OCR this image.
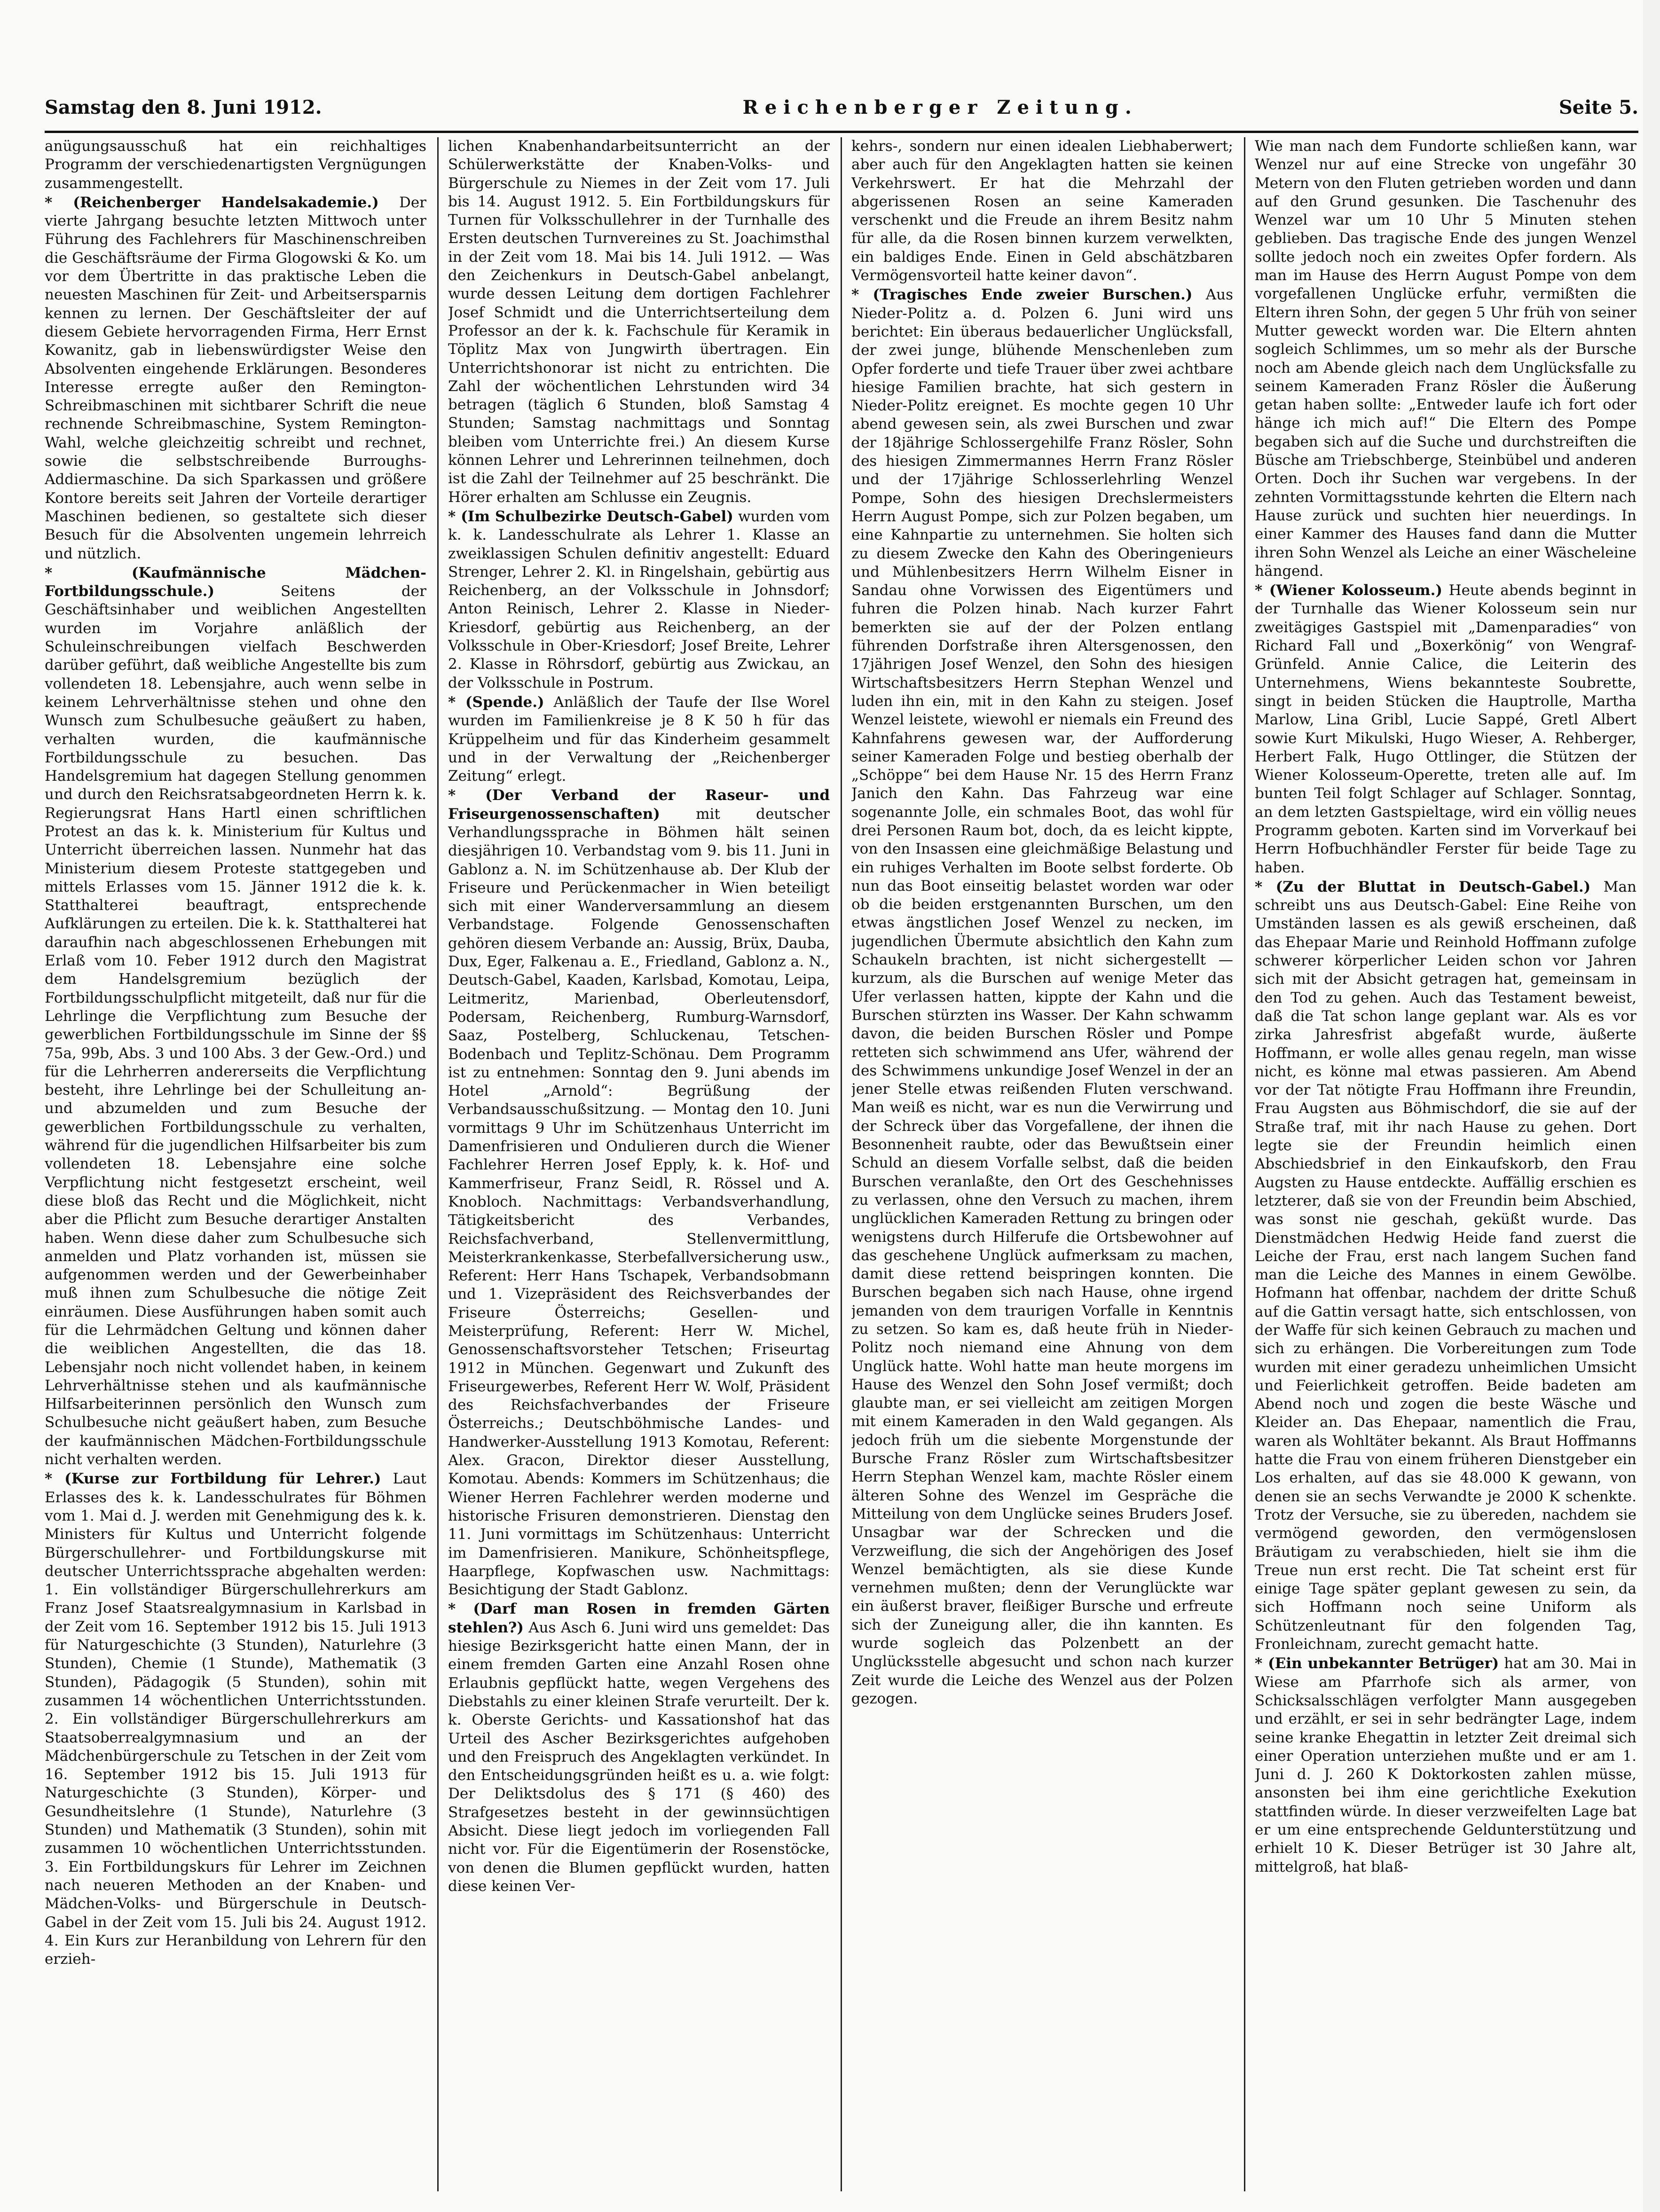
Samstag den 8. Juni 1912.	Reichenberger Zeitung.	Seite 5.

anügungsausschuß hat ein reichhaltiges Programm der verschiedenartigsten Vergnügungen zusammengestellt.

* (Reichenberger Handelsakademie.) Der vierte Jahrgang besuchte letzten Mittwoch unter Führung des Fachlehrers für Maschinenschreiben die Geschäftsräume der Firma Glogowski & Ko. um vor dem Übertritte in das praktische Leben die neuesten Maschinen für Zeit- und Arbeitsersparnis kennen zu lernen. Der Geschäftsleiter der auf diesem Gebiete hervorragenden Firma, Herr Ernst Kowanitz, gab in liebenswürdigster Weise den Absolventen eingehende Erklärungen. Besonderes Interesse erregte außer den Remington-Schreibmaschinen mit sichtbarer Schrift die neue rechnende Schreibmaschine, System Remington-Wahl, welche gleichzeitig schreibt und rechnet, sowie die selbstschreibende Burroughs-Addiermaschine. Da sich Sparkassen und größere Kontore bereits seit Jahren der Vorteile derartiger Maschinen bedienen, so gestaltete sich dieser Besuch für die Absolventen ungemein lehrreich und nützlich.

* (Kaufmännische Mädchen-Fortbildungsschule.)	Seitens der Geschäftsinhaber und weiblichen Angestellten wurden im Vorjahre anläßlich der Schuleinschreibungen vielfach Beschwerden darüber geführt, daß weibliche Angestellte bis zum vollendeten 18. Lebensjahre, auch wenn selbe in keinem Lehrverhältnisse stehen und ohne den Wunsch zum Schulbesuche geäußert zu haben, verhalten wurden, die kaufmännische Fortbildungsschule zu besuchen. Das Handelsgremium hat dagegen Stellung genommen und durch den Reichsratsabgeordneten Herrn k. k. Regierungsrat Hans Hartl einen schriftlichen Protest an das k. k. Ministerium für Kultus und Unterricht überreichen lassen. Nunmehr hat das Ministerium diesem Proteste stattgegeben und mittels Erlasses vom 15. Jänner 1912 die k. k. Statthalterei beauftragt, entsprechende Aufklärungen zu erteilen. Die k. k. Statthalterei hat daraufhin nach abgeschlossenen Erhebungen mit Erlaß vom 10. Feber 1912 durch den Magistrat dem Handelsgremium bezüglich der Fortbildungsschulpflicht mitgeteilt, daß nur für die Lehrlinge die Verpflichtung zum Besuche der gewerblichen Fortbildungsschule im Sinne der §§ 75a, 99b, Abs. 3 und 100 Abs. 3 der Gew.-Ord.) und für die Lehrherren andererseits die Verpflichtung besteht, ihre Lehrlinge bei der Schulleitung an- und abzumelden und zum Besuche der gewerblichen Fortbildungsschule zu verhalten, während für die jugendlichen Hilfsarbeiter bis zum vollendeten 18. Lebensjahre eine solche Verpflichtung nicht festgesetzt erscheint, weil diese bloß das Recht und die Möglichkeit, nicht aber die Pflicht zum Besuche derartiger Anstalten haben. Wenn diese daher zum Schulbesuche sich anmelden und Platz vorhanden ist, müssen sie aufgenommen werden und der Gewerbeinhaber muß ihnen zum Schulbesuche die nötige Zeit einräumen. Diese Ausführungen haben somit auch für die Lehrmädchen Geltung und können daher die weiblichen Angestellten, die das 18. Lebensjahr noch nicht vollendet haben, in keinem Lehrverhältnisse stehen und als kaufmännische Hilfsarbeiterinnen persönlich den Wunsch zum Schulbesuche nicht geäußert haben, zum Besuche der kaufmännischen Mädchen-Fortbildungsschule nicht verhalten werden.

* (Kurse zur Fortbildung für Lehrer.) Laut Erlasses des k. k. Landesschulrates für Böhmen vom 1. Mai d. J. werden mit Genehmigung des k. k. Ministers für Kultus und Unterricht folgende Bürgerschullehrer- und Fortbildungskurse mit deutscher Unterrichtssprache abgehalten werden: 1. Ein vollständiger Bürgerschullehrerkurs am Franz Josef Staatsrealgymnasium in Karlsbad in der Zeit vom 16. September 1912 bis 15. Juli 1913 für Naturgeschichte (3 Stunden), Naturlehre (3 Stunden), Chemie (1 Stunde), Mathematik (3 Stunden), Pädagogik (5 Stunden), sohin mit zusammen 14 wöchentlichen Unterrichtsstunden. 2. Ein vollständiger Bürgerschullehrerkurs am Staatsoberrealgymnasium und an der Mädchenbürgerschule zu Tetschen in der Zeit vom 16. September 1912 bis 15. Juli 1913 für Naturgeschichte (3 Stunden), Körper- und Gesundheitslehre (1 Stunde), Naturlehre (3 Stunden) und Mathematik (3 Stunden), sohin mit zusammen 10 wöchentlichen Unterrichtsstunden. 3. Ein Fortbildungskurs für Lehrer im Zeichnen nach neueren Methoden an der Knaben- und Mädchen-Volks- und Bürgerschule in Deutsch-Gabel in der Zeit vom 15. Juli bis 24. August 1912. 4. Ein Kurs zur Heranbildung von Lehrern für den erzieh-

lichen Knabenhandarbeitsunterricht an der Schülerwerkstätte der Knaben-Volks- und Bürgerschule zu Niemes in der Zeit vom 17. Juli bis 14. August 1912. 5. Ein Fortbildungskurs für Turnen für Volksschullehrer in der Turnhalle des Ersten deutschen Turnvereines zu St. Joachimsthal in der Zeit vom 18. Mai bis 14. Juli 1912. — Was den Zeichenkurs in Deutsch-Gabel anbelangt, wurde dessen Leitung dem dortigen Fachlehrer Josef Schmidt und die Unterrichtserteilung dem Professor an der k. k. Fachschule für Keramik in Töplitz Max von Jungwirth übertragen. Ein Unterrichtshonorar ist nicht zu entrichten. Die Zahl der wöchentlichen Lehrstunden wird 34 betragen (täglich 6 Stunden, bloß Samstag 4 Stunden; Samstag nachmittags und Sonntag bleiben vom Unterrichte frei.) An diesem Kurse können Lehrer und Lehrerinnen teilnehmen, doch ist die Zahl der Teilnehmer auf 25 beschränkt. Die Hörer erhalten am Schlusse ein Zeugnis.

* (Im Schulbezirke Deutsch-Gabel) wurden vom k. k. Landesschulrate als Lehrer 1. Klasse an zweiklassigen Schulen definitiv angestellt: Eduard Strenger, Lehrer 2. Kl. in Ringelshain, gebürtig aus Reichenberg, an der Volksschule in Johnsdorf; Anton Reinisch, Lehrer 2. Klasse in Nieder-Kriesdorf, gebürtig aus Reichenberg, an der Volksschule in Ober-Kriesdorf; Josef Breite, Lehrer 2. Klasse in Röhrsdorf, gebürtig aus Zwickau, an der Volksschule in Postrum.

* (Spende.) Anläßlich der Taufe der Ilse Worel wurden im Familienkreise je 8 K 50 h für das Krüppelheim und für das Kinderheim gesammelt und in der Verwaltung der „Reichenberger Zeitung“ erlegt.

* (Der Verband der Raseur- und Friseurgenossenschaften) mit deutscher Verhandlungssprache in Böhmen hält seinen diesjährigen 10. Verbandstag vom 9. bis 11. Juni in Gablonz a. N. im Schützenhause ab. Der Klub der Friseure und Perückenmacher in Wien beteiligt sich mit einer Wanderversammlung an diesem Verbandstage. Folgende Genossenschaften gehören diesem Verbande an: Aussig, Brüx, Dauba, Dux, Eger, Falkenau a. E., Friedland, Gablonz a. N., Deutsch-Gabel, Kaaden, Karlsbad, Komotau, Leipa, Leitmeritz, Marienbad, Oberleutensdorf, Podersam, Reichenberg, Rumburg-Warnsdorf, Saaz, Postelberg, Schluckenau, Tetschen-Bodenbach und Teplitz-Schönau. Dem Programm ist zu entnehmen: Sonntag den 9. Juni abends im Hotel „Arnold“: Begrüßung der Verbandsausschußsitzung. — Montag den 10. Juni vormittags 9 Uhr im Schützenhaus Unterricht im Damenfrisieren und Ondulieren durch die Wiener Fachlehrer Herren Josef Epply, k. k. Hof- und Kammerfriseur, Franz Seidl, R. Rössel und A. Knobloch. Nachmittags: Verbandsverhandlung, Tätigkeitsbericht des Verbandes, Reichsfachverband, Stellenvermittlung, Meisterkrankenkasse, Sterbefallversicherung usw., Referent: Herr Hans Tschapek, Verbandsobmann und 1. Vizepräsident des Reichsverbandes der Friseure Österreichs; Gesellen- und Meisterprüfung, Referent: Herr W. Michel, Genossenschaftsvorsteher Tetschen; Friseurtag 1912 in München. Gegenwart und Zukunft des Friseurgewerbes, Referent Herr W. Wolf, Präsident des Reichsfachverbandes der Friseure Österreichs.; Deutschböhmische Landes- und Handwerker-Ausstellung 1913 Komotau, Referent: Alex. Gracon, Direktor dieser Ausstellung, Komotau. Abends: Kommers im Schützenhaus; die Wiener Herren Fachlehrer werden moderne und historische Frisuren demonstrieren. Dienstag den 11. Juni vormittags im Schützenhaus: Unterricht im Damenfrisieren. Manikure, Schönheitspflege, Haarpflege, Kopfwaschen usw. Nachmittags: Besichtigung der Stadt Gablonz.

* (Darf man Rosen in fremden Gärten stehlen?) Aus Asch 6. Juni wird uns gemeldet: Das hiesige Bezirksgericht hatte einen Mann, der in einem fremden Garten eine Anzahl Rosen ohne Erlaubnis gepflückt hatte, wegen Vergehens des Diebstahls zu einer kleinen Strafe verurteilt. Der k. k. Oberste Gerichts- und Kassationshof hat das Urteil des Ascher Bezirksgerichtes aufgehoben und den Freispruch des Angeklagten verkündet. In den Entscheidungsgründen heißt es u. a. wie folgt: Der Deliktsdolus des § 171 (§ 460) des Strafgesetzes besteht in der gewinnsüchtigen Absicht. Diese liegt jedoch im vorliegenden Fall nicht vor. Für die Eigentümerin der Rosenstöcke, von denen die Blumen gepflückt wurden, hatten diese keinen Ver-

kehrs-, sondern nur einen idealen Liebhaberwert; aber auch für den Angeklagten hatten sie keinen Verkehrswert. Er hat die Mehrzahl der abgerissenen Rosen an seine Kameraden verschenkt und die Freude an ihrem Besitz nahm für alle, da die Rosen binnen kurzem verwelkten, ein baldiges Ende. Einen in Geld abschätzbaren Vermögensvorteil hatte keiner davon“.

* (Tragisches Ende zweier Burschen.) Aus Nieder-Politz a. d. Polzen 6. Juni wird uns berichtet: Ein überaus bedauerlicher Unglücksfall, der zwei junge, blühende Menschenleben zum Opfer forderte und tiefe Trauer über zwei achtbare hiesige Familien brachte, hat sich gestern in Nieder-Politz ereignet. Es mochte gegen 10 Uhr abend gewesen sein, als zwei Burschen und zwar der 18jährige Schlossergehilfe Franz Rösler, Sohn des hiesigen Zimmermannes Herrn Franz Rösler und der 17jährige Schlosserlehrling Wenzel Pompe, Sohn des hiesigen Drechslermeisters Herrn August Pompe, sich zur Polzen begaben, um eine Kahnpartie zu unternehmen. Sie holten sich zu diesem Zwecke den Kahn des Oberingenieurs und Mühlenbesitzers Herrn Wilhelm Eisner in Sandau ohne Vorwissen des Eigentümers und fuhren die Polzen hinab. Nach kurzer Fahrt bemerkten sie auf der der Polzen entlang führenden Dorfstraße ihren Altersgenossen, den 17jährigen Josef Wenzel, den Sohn des hiesigen Wirtschaftsbesitzers Herrn Stephan Wenzel und luden ihn ein, mit in den Kahn zu steigen. Josef Wenzel leistete, wiewohl er niemals ein Freund des Kahnfahrens gewesen war, der Aufforderung seiner Kameraden Folge und bestieg oberhalb der „Schöppe“ bei dem Hause Nr. 15 des Herrn Franz Janich den Kahn. Das Fahrzeug war eine sogenannte Jolle, ein schmales Boot, das wohl für drei Personen Raum bot, doch, da es leicht kippte, von den Insassen eine gleichmäßige Belastung und ein ruhiges Verhalten im Boote selbst forderte. Ob nun das Boot einseitig belastet worden war oder ob die beiden erstgenannten Burschen, um den etwas ängstlichen Josef Wenzel zu necken, im jugendlichen Übermute absichtlich den Kahn zum Schaukeln brachten, ist nicht sichergestellt — kurzum, als die Burschen auf wenige Meter das Ufer verlassen hatten, kippte der Kahn und die Burschen stürzten ins Wasser. Der Kahn schwamm davon, die beiden Burschen Rösler und Pompe retteten sich schwimmend ans Ufer, während der des Schwimmens unkundige Josef Wenzel in der an jener Stelle etwas reißenden Fluten verschwand. Man weiß es nicht, war es nun die Verwirrung und der Schreck über das Vorgefallene, der ihnen die Besonnenheit raubte, oder das Bewußtsein einer Schuld an diesem Vorfalle selbst, daß die beiden Burschen veranlaßte, den Ort des Geschehnisses zu verlassen, ohne den Versuch zu machen, ihrem unglücklichen Kameraden Rettung zu bringen oder wenigstens durch Hilferufe die Ortsbewohner auf das geschehene Unglück aufmerksam zu machen, damit diese rettend beispringen konnten. Die Burschen begaben sich nach Hause, ohne irgend jemanden von dem traurigen Vorfalle in Kenntnis zu setzen. So kam es, daß heute früh in Nieder-Politz noch niemand eine Ahnung von dem Unglück hatte. Wohl hatte man heute morgens im Hause des Wenzel den Sohn Josef vermißt; doch glaubte man, er sei vielleicht am zeitigen Morgen mit einem Kameraden in den Wald gegangen. Als jedoch früh um die siebente Morgenstunde der Bursche Franz Rösler zum Wirtschaftsbesitzer Herrn Stephan Wenzel kam, machte Rösler einem älteren Sohne des Wenzel im Gespräche die Mitteilung von dem Unglücke seines Bruders Josef. Unsagbar war der Schrecken und die Verzweiflung, die sich der Angehörigen des Josef Wenzel bemächtigten, als sie diese Kunde vernehmen mußten; denn der Verunglückte war ein äußerst braver, fleißiger Bursche und erfreute sich der Zuneigung aller, die ihn kannten. Es wurde sogleich das Polzenbett an der Unglücksstelle abgesucht und schon nach kurzer Zeit wurde die Leiche des Wenzel aus der Polzen gezogen.

Wie man nach dem Fundorte schließen kann, war Wenzel nur auf eine Strecke von ungefähr 30 Metern von den Fluten getrieben worden und dann auf den Grund gesunken. Die Taschenuhr des Wenzel war um 10 Uhr 5 Minuten stehen geblieben. Das tragische Ende des jungen Wenzel sollte jedoch noch ein zweites Opfer fordern. Als man im Hause des Herrn August Pompe von dem vorgefallenen Unglücke erfuhr, vermißten die Eltern ihren Sohn, der gegen 5 Uhr früh von seiner Mutter geweckt worden war. Die Eltern ahnten sogleich Schlimmes, um so mehr als der Bursche noch am Abende gleich nach dem Unglücksfalle zu seinem Kameraden Franz Rösler die Äußerung getan haben sollte: „Entweder laufe ich fort oder hänge ich mich auf!“ Die Eltern des Pompe begaben sich auf die Suche und durchstreiften die Büsche am Triebschberge, Steinbübel und anderen Orten. Doch ihr Suchen war vergebens. In der zehnten Vormittagsstunde kehrten die Eltern nach Hause zurück und suchten hier neuerdings. In einer Kammer des Hauses fand dann die Mutter ihren Sohn Wenzel als Leiche an einer Wäscheleine hängend.

* (Wiener Kolosseum.) Heute abends beginnt in der Turnhalle das Wiener Kolosseum sein nur zweitägiges Gastspiel mit „Damenparadies“ von Richard Fall und „Boxerkönig“ von Wengraf-Grünfeld. Annie Calice, die Leiterin des Unternehmens, Wiens bekannteste Soubrette, singt in beiden Stücken die Hauptrolle, Martha Marlow, Lina Gribl, Lucie Sappé, Gretl Albert sowie Kurt Mikulski, Hugo Wieser, A. Rehberger, Herbert Falk, Hugo Ottlinger, die Stützen der Wiener Kolosseum-Operette, treten alle auf. Im bunten Teil folgt Schlager auf Schlager. Sonntag, an dem letzten Gastspieltage, wird ein völlig neues Programm geboten. Karten sind im Vorverkauf bei Herrn Hofbuchhändler Ferster für beide Tage zu haben.

* (Zu der Bluttat in Deutsch-Gabel.) Man schreibt uns aus Deutsch-Gabel: Eine Reihe von Umständen lassen es als gewiß erscheinen, daß das Ehepaar Marie und Reinhold Hoffmann zufolge schwerer körperlicher Leiden schon vor Jahren sich mit der Absicht getragen hat, gemeinsam in den Tod zu gehen. Auch das Testament beweist, daß die Tat schon lange geplant war. Als es vor zirka Jahresfrist abgefaßt wurde, äußerte Hoffmann, er wolle alles genau regeln, man wisse nicht, es könne mal etwas passieren. Am Abend vor der Tat nötigte Frau Hoffmann ihre Freundin, Frau Augsten aus Böhmischdorf, die sie auf der Straße traf, mit ihr nach Hause zu gehen. Dort legte sie der Freundin heimlich einen Abschiedsbrief in den Einkaufskorb, den Frau Augsten zu Hause entdeckte. Auffällig erschien es letzterer, daß sie von der Freundin beim Abschied, was sonst nie geschah, geküßt wurde. Das Dienstmädchen Hedwig Heide fand zuerst die Leiche der Frau, erst nach langem Suchen fand man die Leiche des Mannes in einem Gewölbe. Hofmann hat offenbar, nachdem der dritte Schuß auf die Gattin versagt hatte, sich entschlossen, von der Waffe für sich keinen Gebrauch zu machen und sich zu erhängen. Die Vorbereitungen zum Tode wurden mit einer geradezu unheimlichen Umsicht und Feierlichkeit getroffen. Beide badeten am Abend noch und zogen die beste Wäsche und Kleider an. Das Ehepaar, namentlich die Frau, waren als Wohltäter bekannt. Als Braut Hoffmanns hatte die Frau von einem früheren Dienstgeber ein Los erhalten, auf das sie 48.000 K gewann, von denen sie an sechs Verwandte je 2000 K schenkte. Trotz der Versuche, sie zu übereden, nachdem sie vermögend geworden, den vermögenslosen Bräutigam zu verabschieden, hielt sie ihm die Treue nun erst recht. Die Tat scheint erst für einige Tage später geplant gewesen zu sein, da sich Hoffmann noch seine Uniform als Schützenleutnant für den folgenden Tag, Fronleichnam, zurecht gemacht hatte.

* (Ein unbekannter Betrüger) hat am 30. Mai in Wiese am Pfarrhofe sich als armer, von Schicksalsschlägen verfolgter Mann ausgegeben und erzählt, er sei in sehr bedrängter Lage, indem seine kranke Ehegattin in letzter Zeit dreimal sich einer Operation unterziehen mußte und er am 1. Juni d. J. 260 K Doktorkosten zahlen müsse, ansonsten bei ihm eine gerichtliche Exekution stattfinden würde. In dieser verzweifelten Lage bat er um eine entsprechende Geldunterstützung und erhielt 10 K. Dieser Betrüger ist 30 Jahre alt, mittelgroß, hat blaß-
